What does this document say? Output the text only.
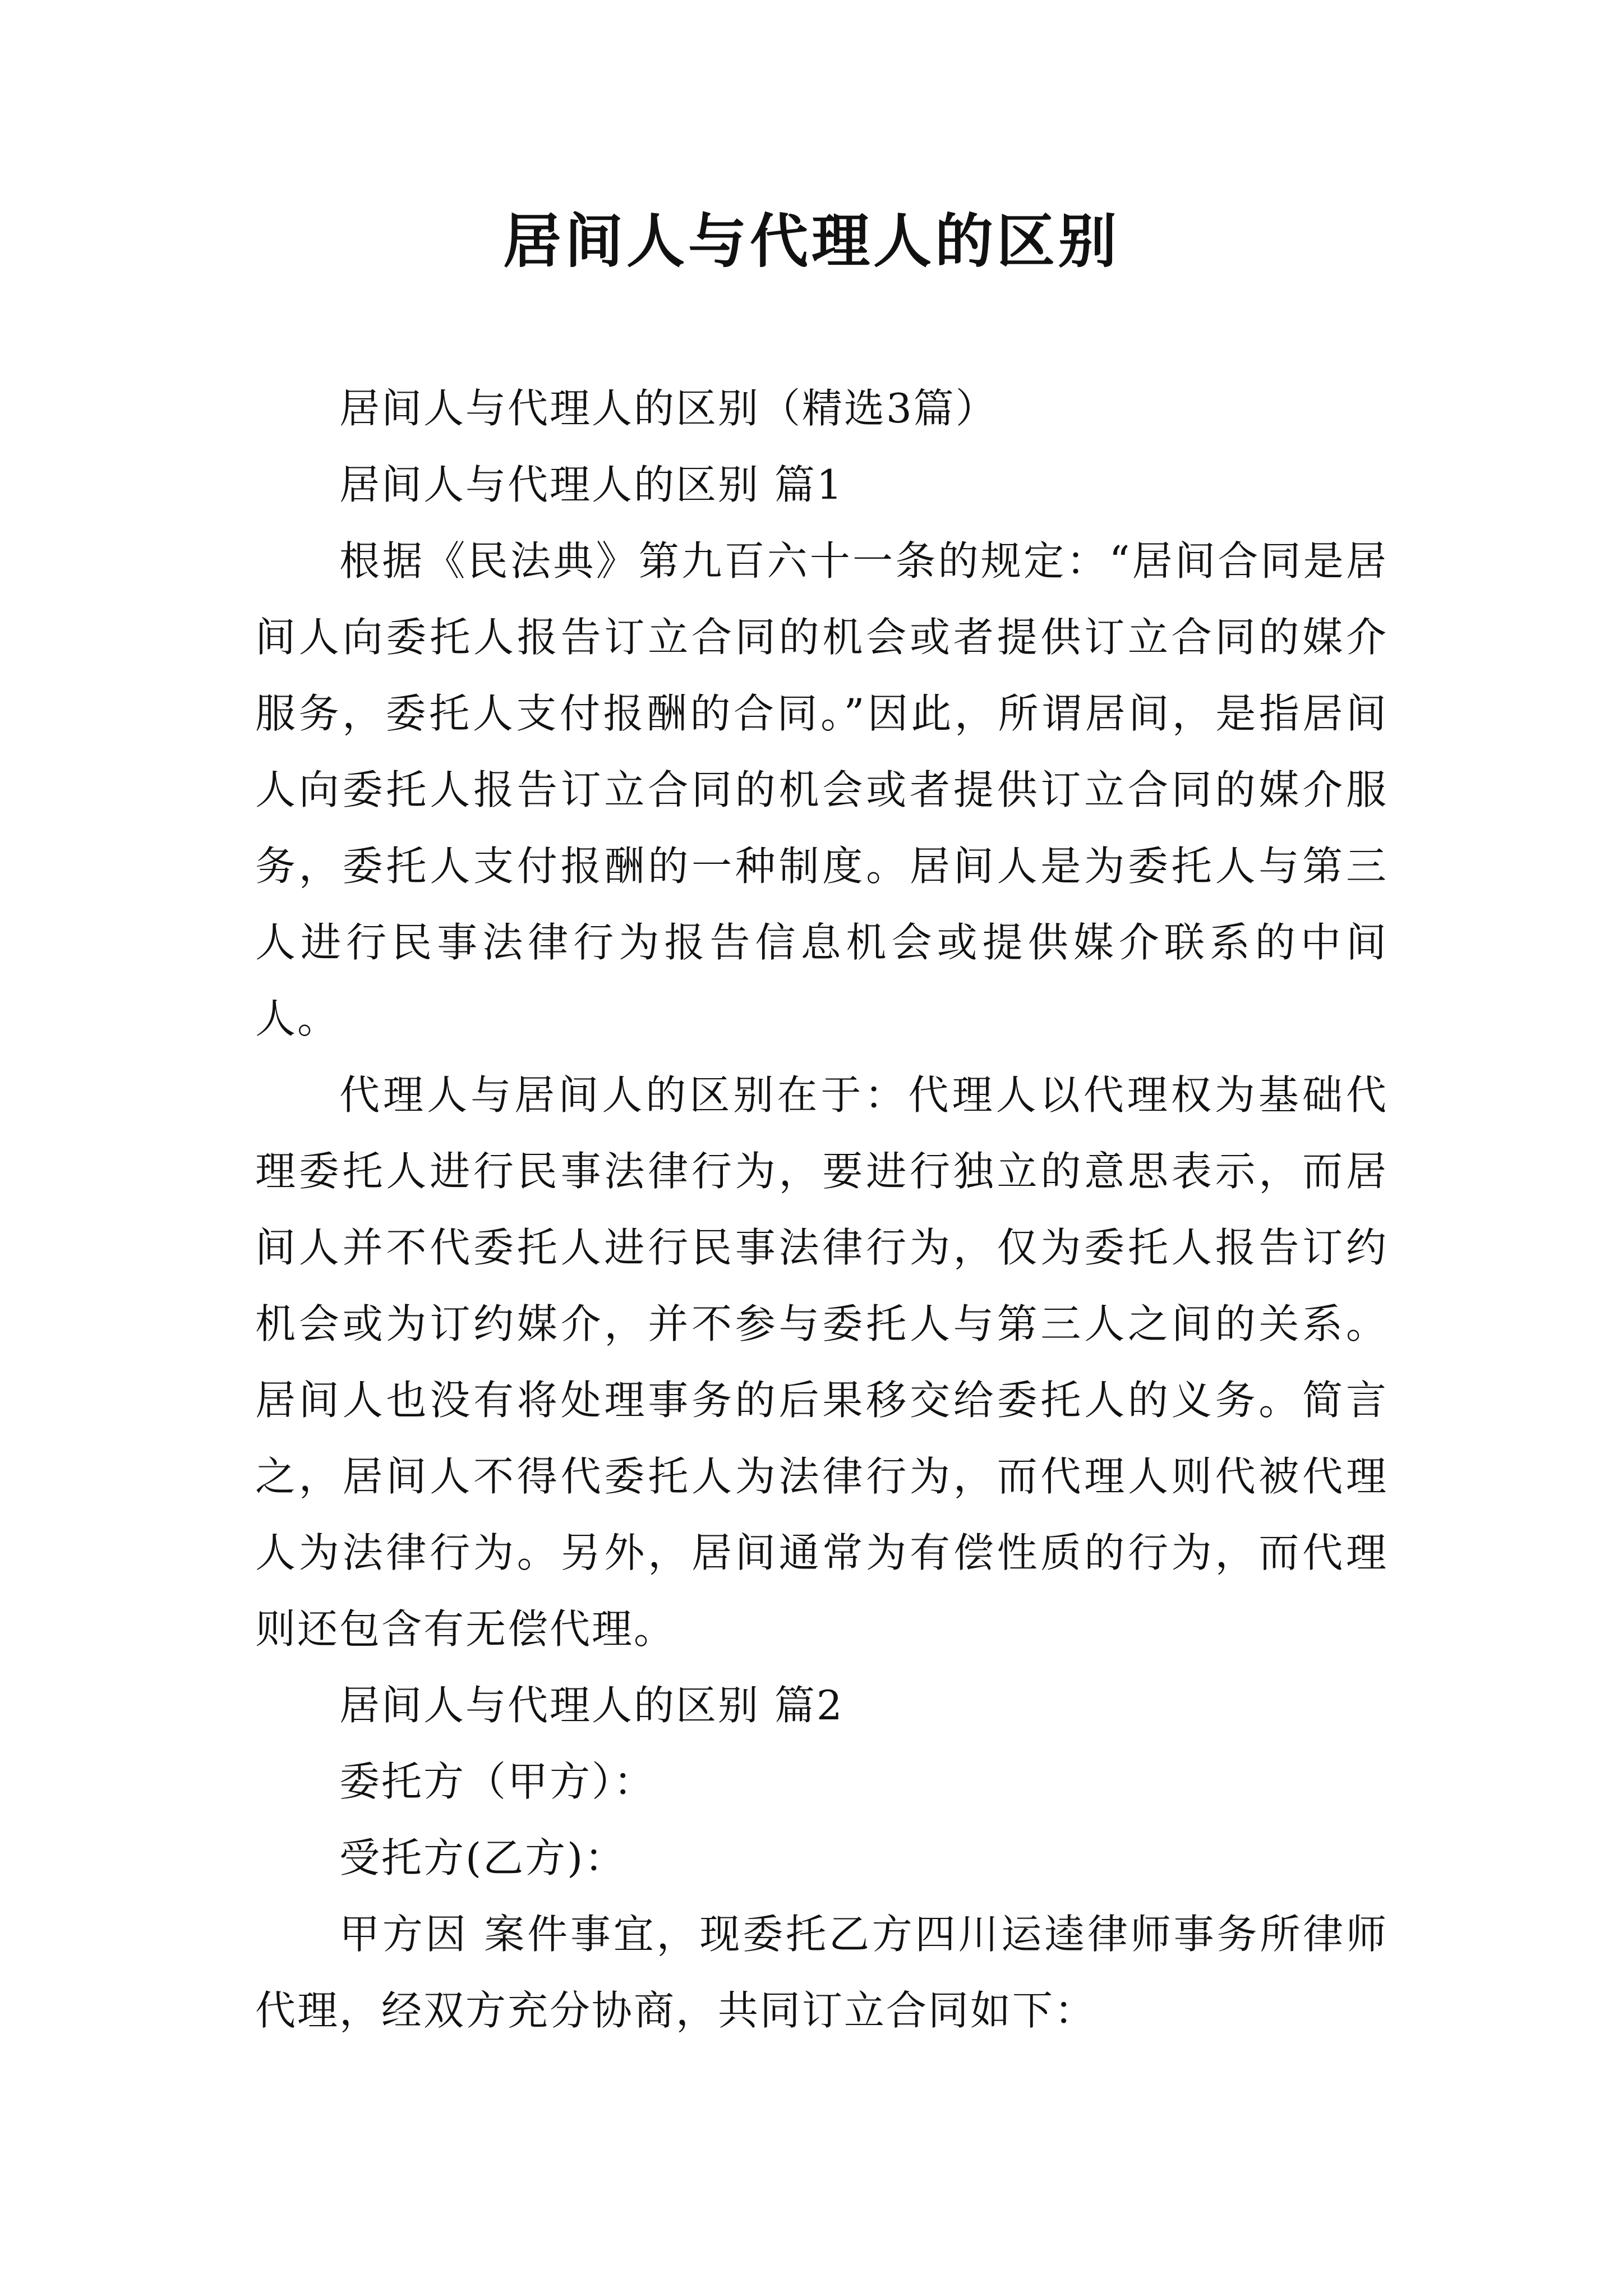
居间人与代理人的区别

居间人与代理人的区别（精选3篇）

居间人与代理人的区别 篇1

根据《民法典》第九百六十一条的规定：“居间合同是居间人向委托人报告订立合同的机会或者提供订立合同的媒介服务，委托人支付报酬的合同。”因此，所谓居间，是指居间人向委托人报告订立合同的机会或者提供订立合同的媒介服务，委托人支付报酬的一种制度。居间人是为委托人与第三人进行民事法律行为报告信息机会或提供媒介联系的中间人。

代理人与居间人的区别在于：代理人以代理权为基础代理委托人进行民事法律行为，要进行独立的意思表示，而居间人并不代委托人进行民事法律行为，仅为委托人报告订约机会或为订约媒介，并不参与委托人与第三人之间的关系。居间人也没有将处理事务的后果移交给委托人的义务。简言之，居间人不得代委托人为法律行为，而代理人则代被代理人为法律行为。另外，居间通常为有偿性质的行为，而代理则还包含有无偿代理。

居间人与代理人的区别 篇2

委托方（甲方）：

受托方(乙方)：

甲方因 案件事宜，现委托乙方四川运逵律师事务所律师代理，经双方充分协商，共同订立合同如下：
